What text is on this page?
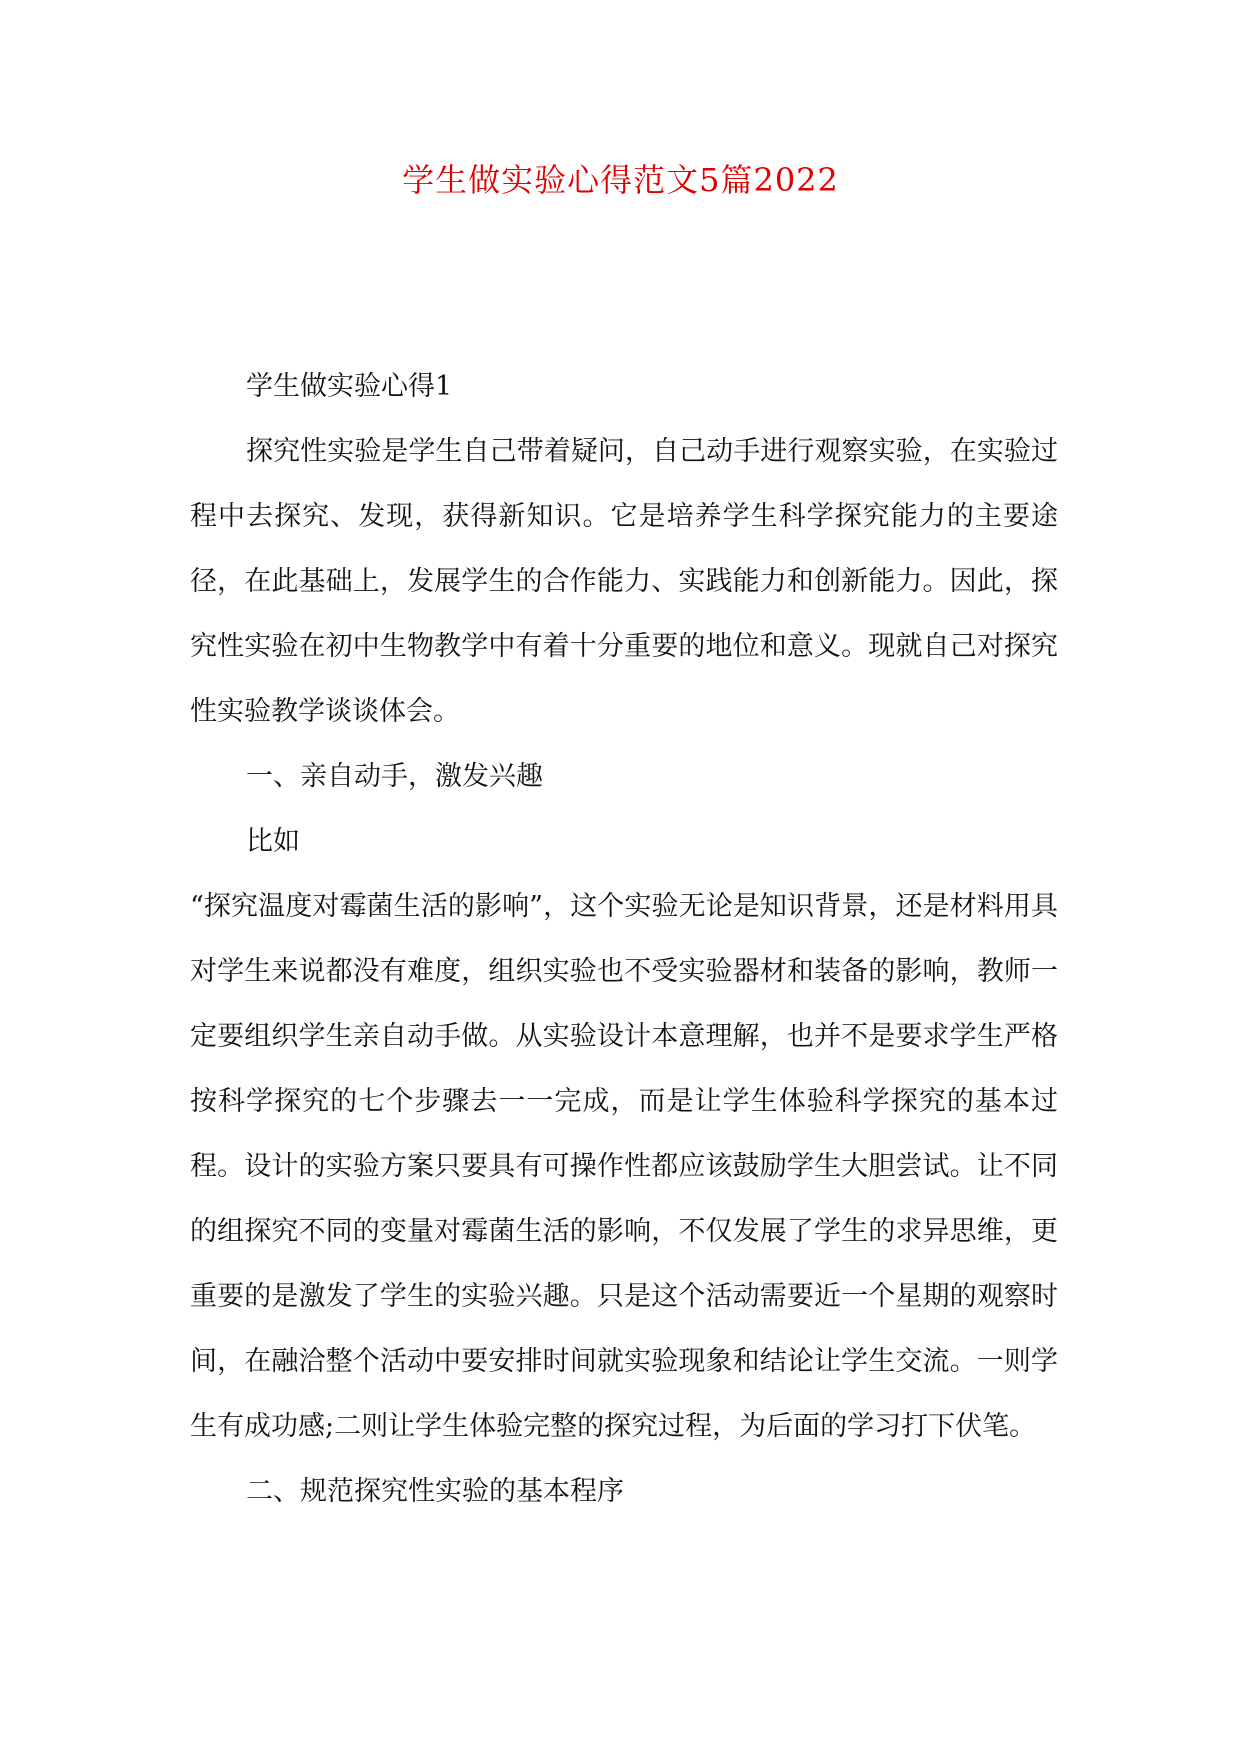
学生做实验心得范文5篇2022

学生做实验心得1

探究性实验是学生自己带着疑问，自己动手进行观察实验，在实验过程中去探究、发现，获得新知识。它是培养学生科学探究能力的主要途径，在此基础上，发展学生的合作能力、实践能力和创新能力。因此，探究性实验在初中生物教学中有着十分重要的地位和意义。现就自己对探究性实验教学谈谈体会。

一、亲自动手，激发兴趣

比如

“探究温度对霉菌生活的影响”，这个实验无论是知识背景，还是材料用具对学生来说都没有难度，组织实验也不受实验器材和装备的影响，教师一定要组织学生亲自动手做。从实验设计本意理解，也并不是要求学生严格按科学探究的七个步骤去一一完成，而是让学生体验科学探究的基本过程。设计的实验方案只要具有可操作性都应该鼓励学生大胆尝试。让不同的组探究不同的变量对霉菌生活的影响，不仅发展了学生的求异思维，更重要的是激发了学生的实验兴趣。只是这个活动需要近一个星期的观察时间，在融洽整个活动中要安排时间就实验现象和结论让学生交流。一则学生有成功感;二则让学生体验完整的探究过程，为后面的学习打下伏笔。

二、规范探究性实验的基本程序
